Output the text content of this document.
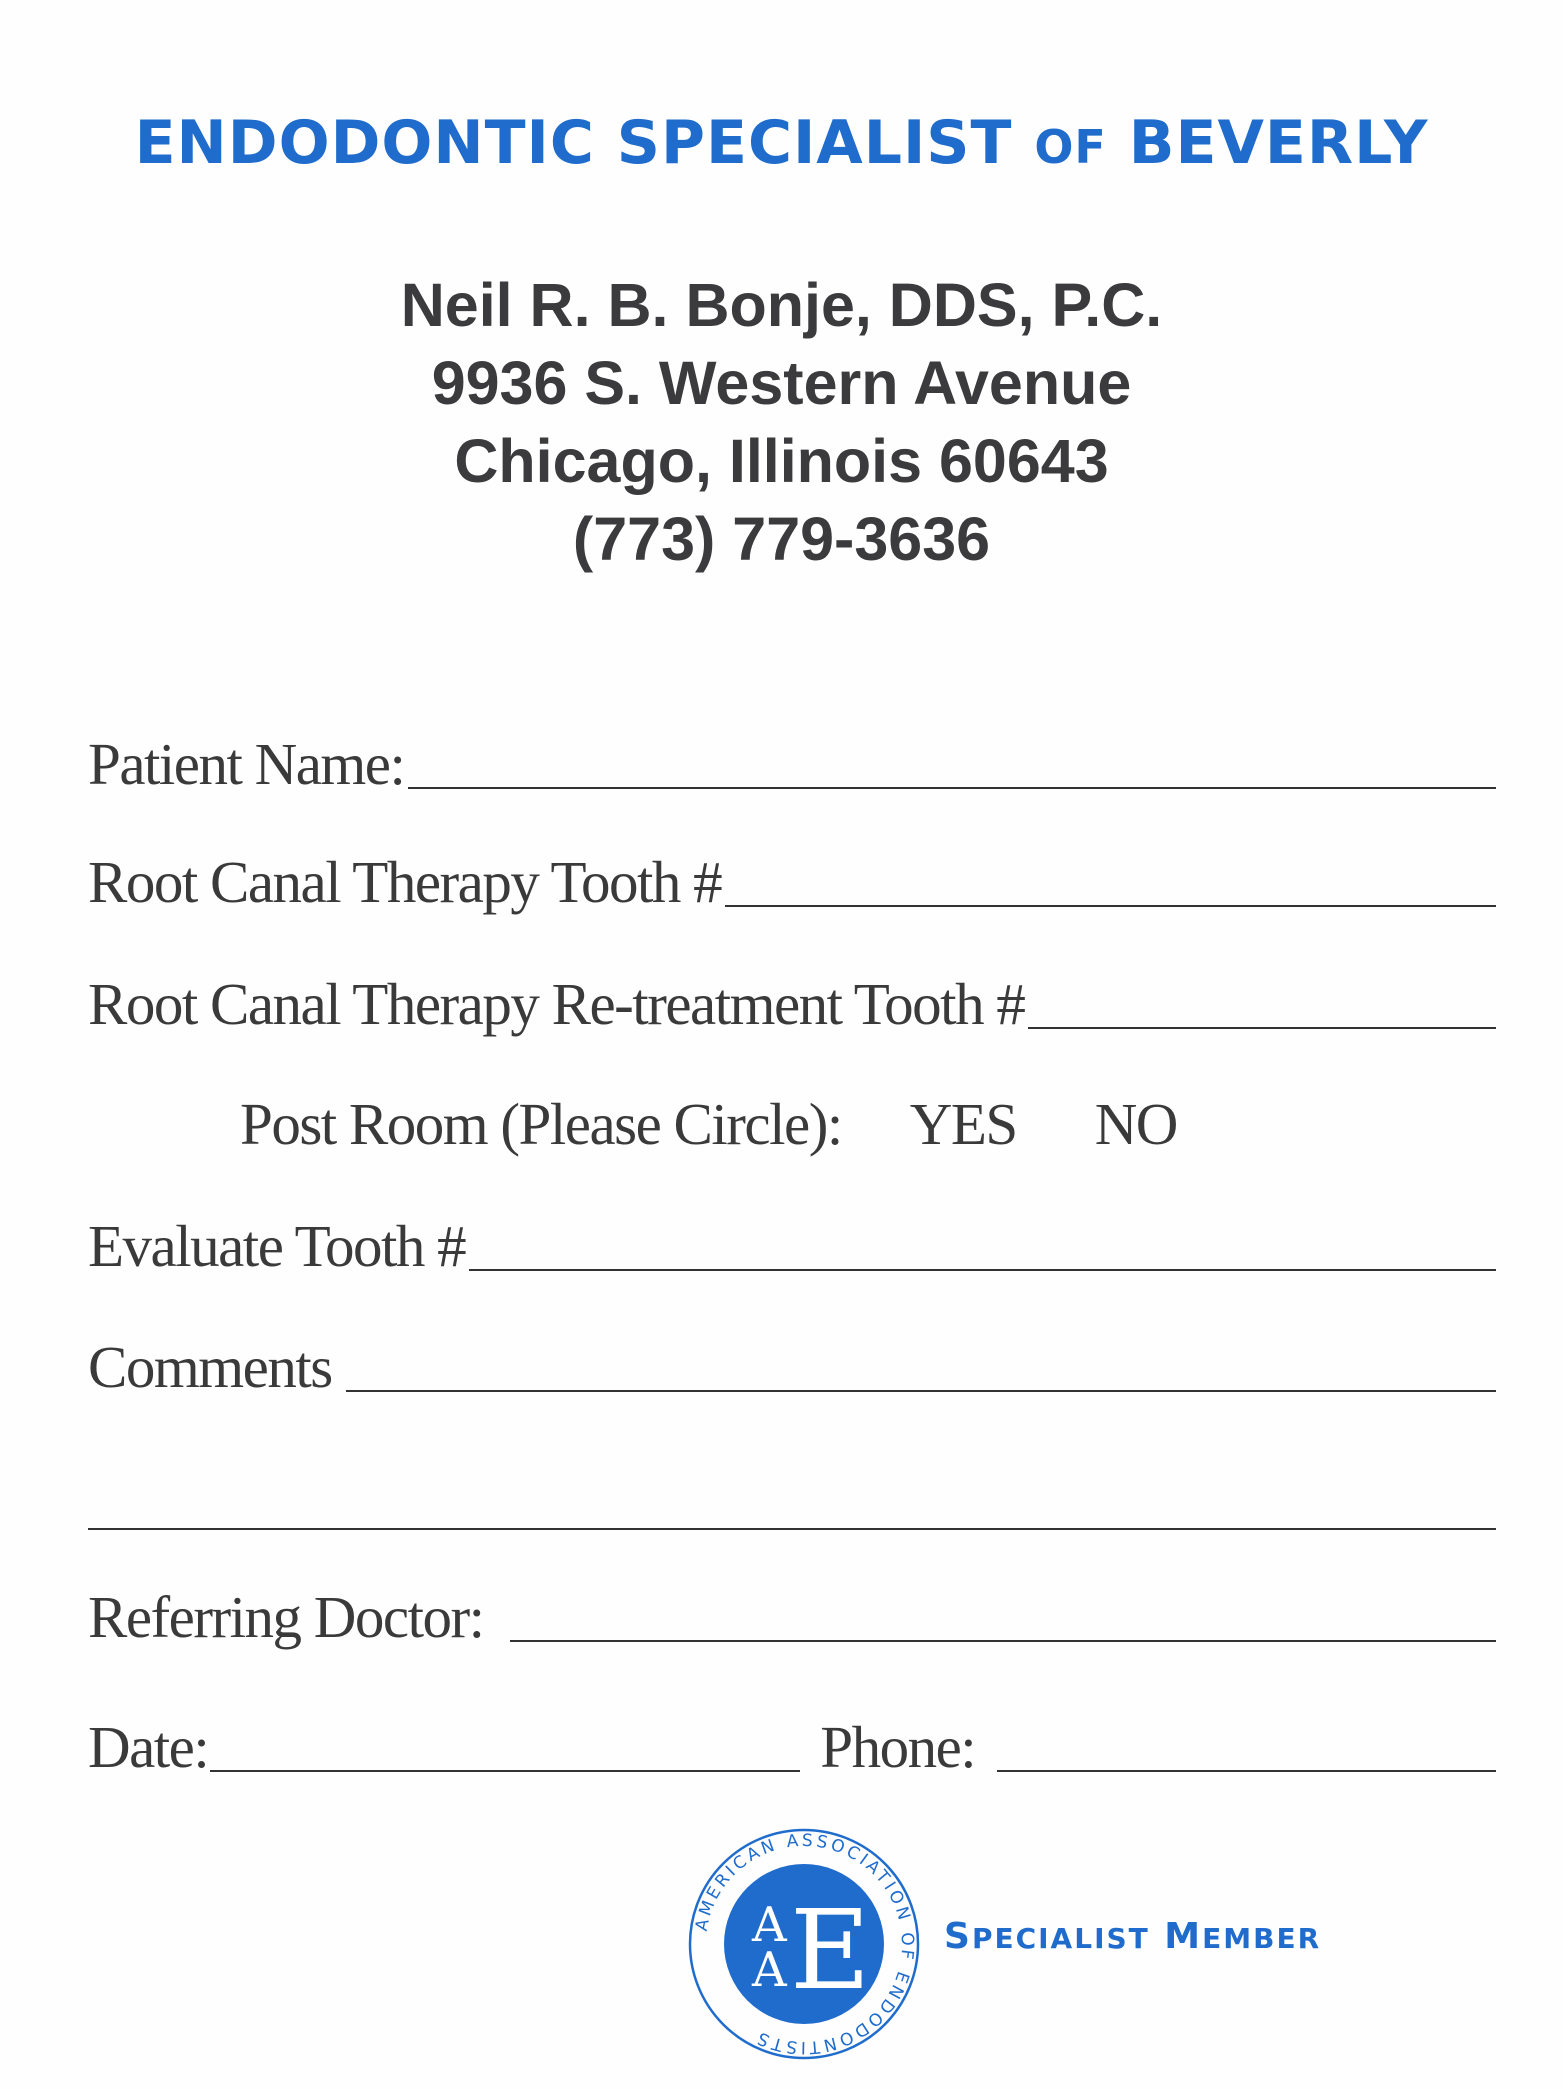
ENDODONTIC SPECIALIST OF BEVERLY
Neil R. B. Bonje, DDS, P.C.
9936 S. Western Avenue
Chicago, Illinois 60643
(773) 779-3636
Patient Name:
Root Canal Therapy Tooth #
Root Canal Therapy Re-treatment Tooth #
Post Room (Please Circle): YES NO
Evaluate Tooth #
Comments
Referring Doctor:
Date:	Phone:
AMERICAN ASSOCIATION OF ENDODONTISTS
A
A E SPECIALIST MEMBER
